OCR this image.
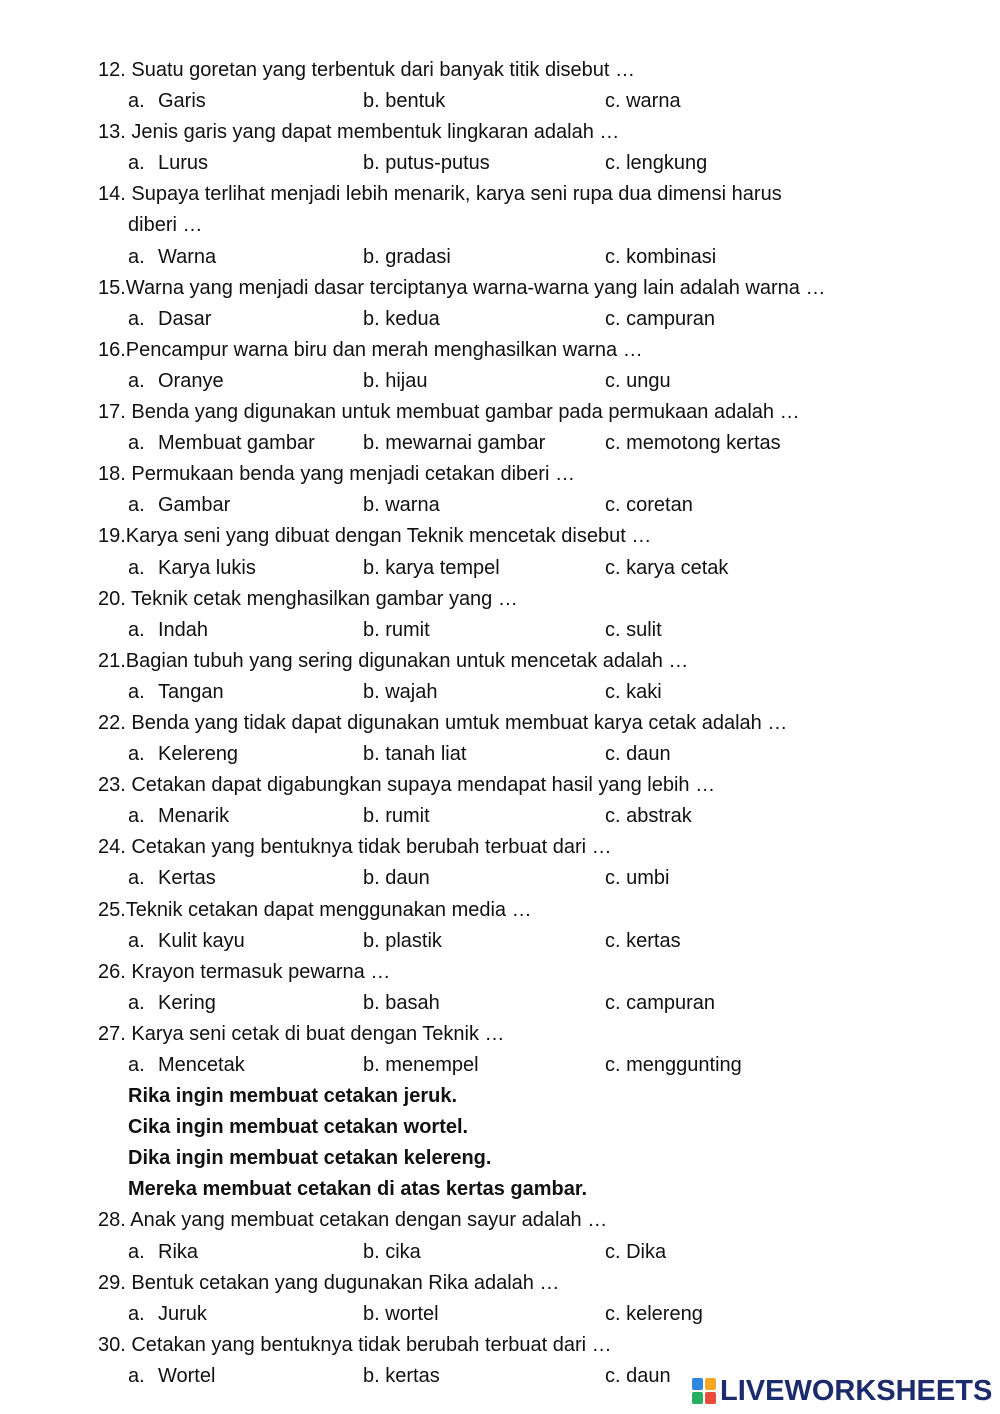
12. Suatu goretan yang terbentuk dari banyak titik disebut …
a. Garis	b. bentuk	c. warna
13. Jenis garis yang dapat membentuk lingkaran adalah …
a. Lurus	b. putus-putus	c. lengkung
14. Supaya terlihat menjadi lebih menarik, karya seni rupa dua dimensi harus
diberi …
a. Warna	b. gradasi	c. kombinasi
15.Warna yang menjadi dasar terciptanya warna-warna yang lain adalah warna …
a. Dasar	b. kedua	c. campuran
16.Pencampur warna biru dan merah menghasilkan warna …
a. Oranye	b. hijau	c. ungu
17. Benda yang digunakan untuk membuat gambar pada permukaan adalah …
a. Membuat gambar b. mewarnai gambar	c. memotong kertas
18. Permukaan benda yang menjadi cetakan diberi …
a. Gambar	b. warna	c. coretan
19.Karya seni yang dibuat dengan Teknik mencetak disebut …
a. Karya lukis	b. karya tempel	c. karya cetak
20. Teknik cetak menghasilkan gambar yang …
a. Indah	b. rumit	c. sulit
21.Bagian tubuh yang sering digunakan untuk mencetak adalah …
a. Tangan	b. wajah	c. kaki
22. Benda yang tidak dapat digunakan umtuk membuat karya cetak adalah …
a. Kelereng	b. tanah liat	c. daun
23. Cetakan dapat digabungkan supaya mendapat hasil yang lebih …
a. Menarik	b. rumit	c. abstrak
24. Cetakan yang bentuknya tidak berubah terbuat dari …
a. Kertas	b. daun	c. umbi
25.Teknik cetakan dapat menggunakan media …
a. Kulit kayu	b. plastik	c. kertas
26. Krayon termasuk pewarna …
a. Kering	b. basah	c. campuran
27. Karya seni cetak di buat dengan Teknik …
a. Mencetak	b. menempel	c. menggunting
Rika ingin membuat cetakan jeruk.
Cika ingin membuat cetakan wortel.
Dika ingin membuat cetakan kelereng.
Mereka membuat cetakan di atas kertas gambar.
28. Anak yang membuat cetakan dengan sayur adalah …
a. Rika	b. cika	c. Dika
29. Bentuk cetakan yang dugunakan Rika adalah …
a. Juruk	b. wortel	c. kelereng
30. Cetakan yang bentuknya tidak berubah terbuat dari …
a. Wortel	b. kertas	c. daun LIVEWORKSHEETS
